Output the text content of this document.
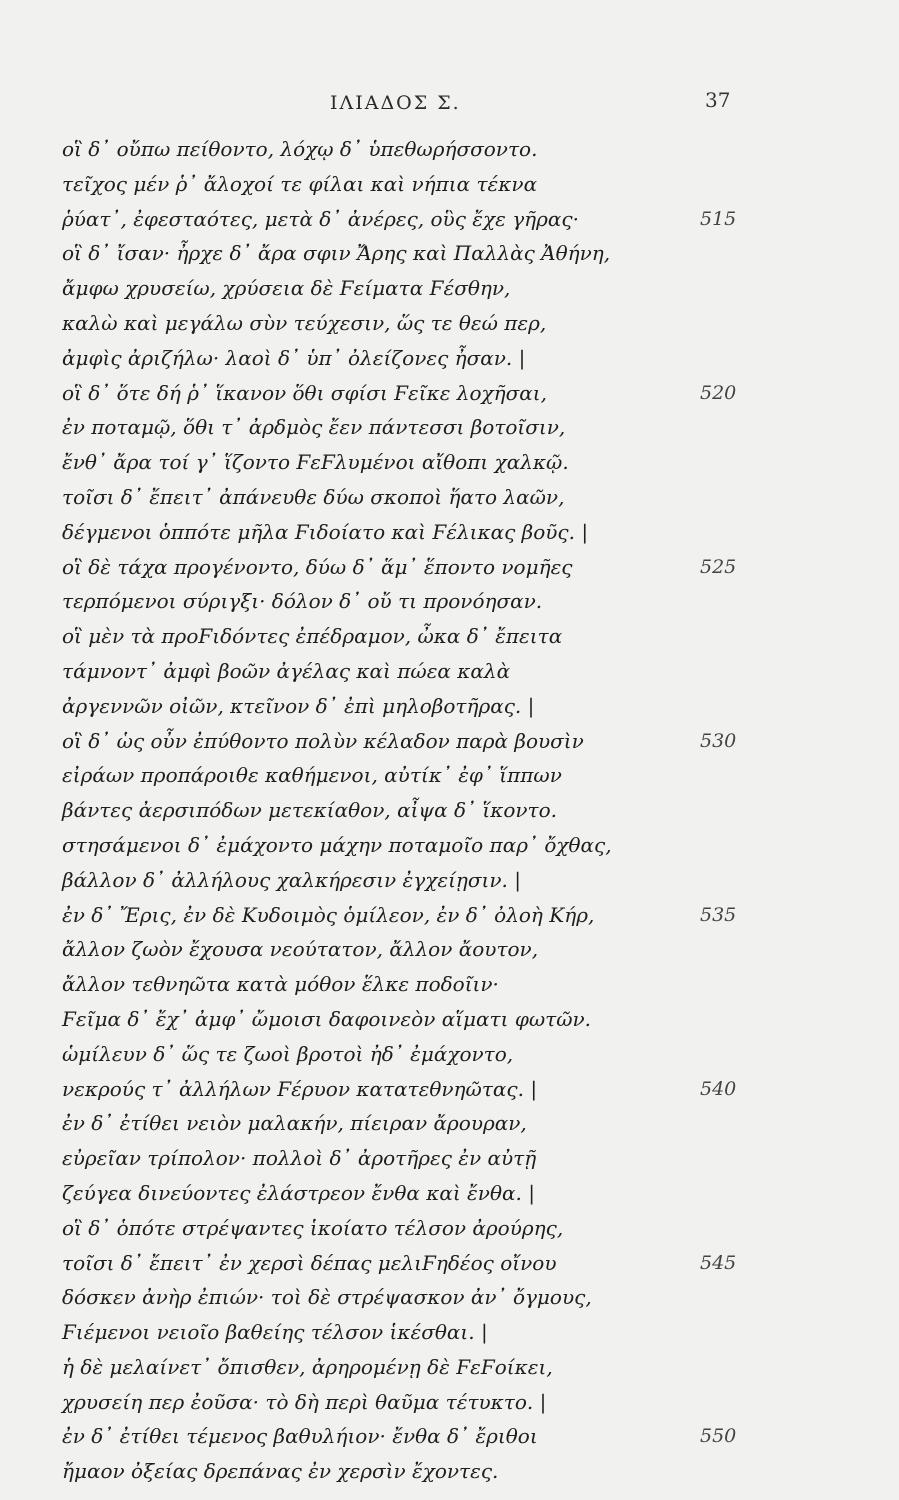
ΙΛΙΑΔΟΣ Σ.	37
οἳ δ᾽ οὔπω πείθοντο, λόχῳ δ᾽ ὑπεθωρήσσοντο.
τεῖχος μέν ῥ᾽ ἄλοχοί τε φίλαι καὶ νήπια τέκνα
ῥύατ᾽, ἐφεσταότες, μετὰ δ᾽ ἀνέρες, οὓς ἔχε γῆρας·	515
οἳ δ᾽ ἴσαν· ἦρχε δ᾽ ἄρα σφιν Ἄρης καὶ Παλλὰς Ἀθήνη,
ἄμφω χρυσείω, χρύσεια δὲ Ϝείματα Ϝέσθην,
καλὼ καὶ μεγάλω σὺν τεύχεσιν, ὥς τε θεώ περ,
ἀμφὶς ἀριζήλω· λαοὶ δ᾽ ὑπ᾽ ὀλείζονες ἦσαν. |
οἳ δ᾽ ὅτε δή ῥ᾽ ἵκανον ὅθι σφίσι Ϝεῖκε λοχῆσαι,	520
ἐν ποταμῷ, ὅθι τ᾽ ἀρδμὸς ἔεν πάντεσσι βοτοῖσιν,
ἔνθ᾽ ἄρα τοί γ᾽ ἵζοντο ϜεϜλυμένοι αἴθοπι χαλκῷ.
τοῖσι δ᾽ ἔπειτ᾽ ἀπάνευθε δύω σκοποὶ ἥατο λαῶν,
δέγμενοι ὁππότε μῆλα Ϝιδοίατο καὶ Ϝέλικας βοῦς. |
οἳ δὲ τάχα προγένοντο, δύω δ᾽ ἅμ᾽ ἕποντο νομῆες	525
τερπόμενοι σύριγξι· δόλον δ᾽ οὔ τι προνόησαν.
οἳ μὲν τὰ προϜιδόντες ἐπέδραμον, ὦκα δ᾽ ἔπειτα
τάμνοντ᾽ ἀμφὶ βοῶν ἀγέλας καὶ πώεα καλὰ
ἀργεννῶν οἰῶν, κτεῖνον δ᾽ ἐπὶ μηλοβοτῆρας. |
οἳ δ᾽ ὡς οὖν ἐπύθοντο πολὺν κέλαδον παρὰ βουσὶν	530
εἰράων προπάροιθε καθήμενοι, αὐτίκ᾽ ἐφ᾽ ἵππων
βάντες ἀερσιπόδων μετεκίαθον, αἶψα δ᾽ ἵκοντο.
στησάμενοι δ᾽ ἐμάχοντο μάχην ποταμοῖο παρ᾽ ὄχθας,
βάλλον δ᾽ ἀλλήλους χαλκήρεσιν ἐγχείῃσιν. |
ἐν δ᾽ Ἔρις, ἐν δὲ Κυδοιμὸς ὁμίλεον, ἐν δ᾽ ὀλοὴ Κήρ,	535
ἄλλον ζωὸν ἔχουσα νεούτατον, ἄλλον ἄουτον,
ἄλλον τεθνηῶτα κατὰ μόθον ἕλκε ποδοῖιν·
Ϝεῖμα δ᾽ ἔχ᾽ ἀμφ᾽ ὤμοισι δαφοινεὸν αἵματι φωτῶν.
ὡμίλευν δ᾽ ὥς τε ζωοὶ βροτοὶ ἠδ᾽ ἐμάχοντο,
νεκρούς τ᾽ ἀλλήλων Ϝέρυον κατατεθνηῶτας. |	540
ἐν δ᾽ ἐτίθει νειὸν μαλακήν, πίειραν ἄρουραν,
εὐρεῖαν τρίπολον· πολλοὶ δ᾽ ἀροτῆρες ἐν αὐτῇ
ζεύγεα δινεύοντες ἐλάστρεον ἔνθα καὶ ἔνθα. |
οἳ δ᾽ ὁπότε στρέψαντες ἱκοίατο τέλσον ἀρούρης,
τοῖσι δ᾽ ἔπειτ᾽ ἐν χερσὶ δέπας μελιϜηδέος οἴνου	545
δόσκεν ἀνὴρ ἐπιών· τοὶ δὲ στρέψασκον ἀν᾽ ὄγμους,
Ϝιέμενοι νειοῖο βαθείης τέλσον ἱκέσθαι. |
ἡ δὲ μελαίνετ᾽ ὄπισθεν, ἀρηρομένῃ δὲ ϜεϜοίκει,
χρυσείη περ ἐοῦσα· τὸ δὴ περὶ θαῦμα τέτυκτο. |
ἐν δ᾽ ἐτίθει τέμενος βαθυλήιον· ἔνθα δ᾽ ἔριθοι	550
ἤμαον ὀξείας δρεπάνας ἐν χερσὶν ἔχοντες.
